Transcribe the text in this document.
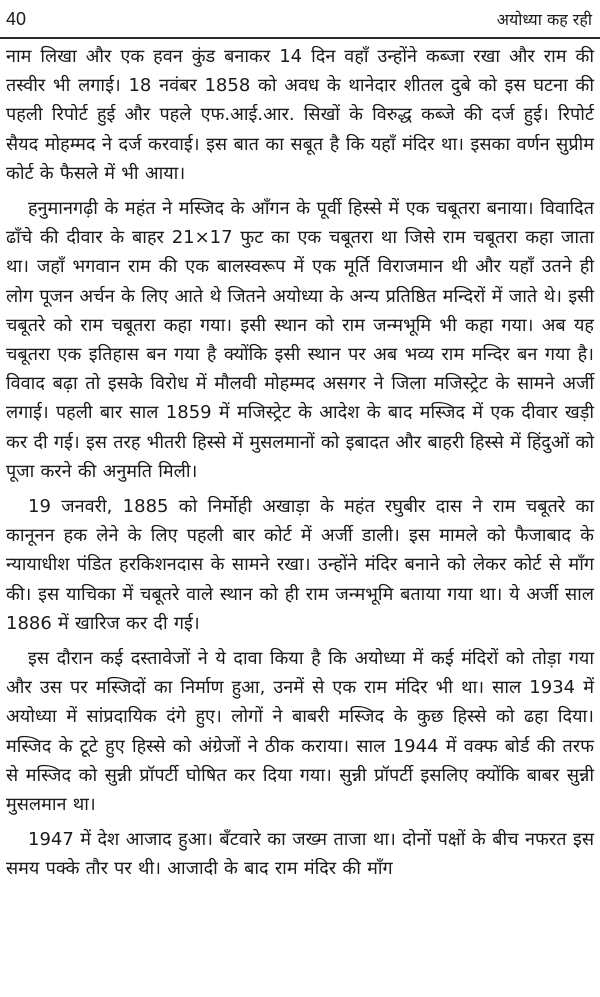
40	अयोध्या कह रही

नाम लिखा और एक हवन कुंड बनाकर 14 दिन वहाँ उन्होंने कब्जा रखा और राम की तस्वीर भी लगाई। 18 नवंबर 1858 को अवध के थानेदार शीतल दुबे को इस घटना की पहली रिपोर्ट हुई और पहले एफ.आई.आर. सिखों के विरुद्ध कब्जे की दर्ज हुई। रिपोर्ट सैयद मोहम्मद ने दर्ज करवाई। इस बात का सबूत है कि यहाँ मंदिर था। इसका वर्णन सुप्रीम कोर्ट के फैसले में भी आया।

हनुमानगढ़ी के महंत ने मस्जिद के आँगन के पूर्वी हिस्से में एक चबूतरा बनाया। विवादित ढाँचे की दीवार के बाहर 21×17 फुट का एक चबूतरा था जिसे राम चबूतरा कहा जाता था। जहाँ भगवान राम की एक बालस्वरूप में एक मूर्ति विराजमान थी और यहाँ उतने ही लोग पूजन अर्चन के लिए आते थे जितने अयोध्या के अन्य प्रतिष्ठित मन्दिरों में जाते थे। इसी चबूतरे को राम चबूतरा कहा गया। इसी स्थान को राम जन्मभूमि भी कहा गया। अब यह चबूतरा एक इतिहास बन गया है क्योंकि इसी स्थान पर अब भव्य राम मन्दिर बन गया है। विवाद बढ़ा तो इसके विरोध में मौलवी मोहम्मद असगर ने जिला मजिस्ट्रेट के सामने अर्जी लगाई। पहली बार साल 1859 में मजिस्ट्रेट के आदेश के बाद मस्जिद में एक दीवार खड़ी कर दी गई। इस तरह भीतरी हिस्से में मुसलमानों को इबादत और बाहरी हिस्से में हिंदुओं को पूजा करने की अनुमति मिली।

19 जनवरी, 1885 को निर्मोही अखाड़ा के महंत रघुबीर दास ने राम चबूतरे का कानूनन हक लेने के लिए पहली बार कोर्ट में अर्जी डाली। इस मामले को फैजाबाद के न्यायाधीश पंडित हरकिशनदास के सामने रखा। उन्होंने मंदिर बनाने को लेकर कोर्ट से माँग की। इस याचिका में चबूतरे वाले स्थान को ही राम जन्मभूमि बताया गया था। ये अर्जी साल 1886 में खारिज कर दी गई।

इस दौरान कई दस्तावेजों ने ये दावा किया है कि अयोध्या में कई मंदिरों को तोड़ा गया और उस पर मस्जिदों का निर्माण हुआ, उनमें से एक राम मंदिर भी था। साल 1934 में अयोध्या में सांप्रदायिक दंगे हुए। लोगों ने बाबरी मस्जिद के कुछ हिस्से को ढहा दिया। मस्जिद के टूटे हुए हिस्से को अंग्रेजों ने ठीक कराया। साल 1944 में वक्फ बोर्ड की तरफ से मस्जिद को सुन्नी प्रॉपर्टी घोषित कर दिया गया। सुन्नी प्रॉपर्टी इसलिए क्योंकि बाबर सुन्नी मुसलमान था।

1947 में देश आजाद हुआ। बँटवारे का जख्म ताजा था। दोनों पक्षों के बीच नफरत इस समय पक्के तौर पर थी। आजादी के बाद राम मंदिर की माँग
